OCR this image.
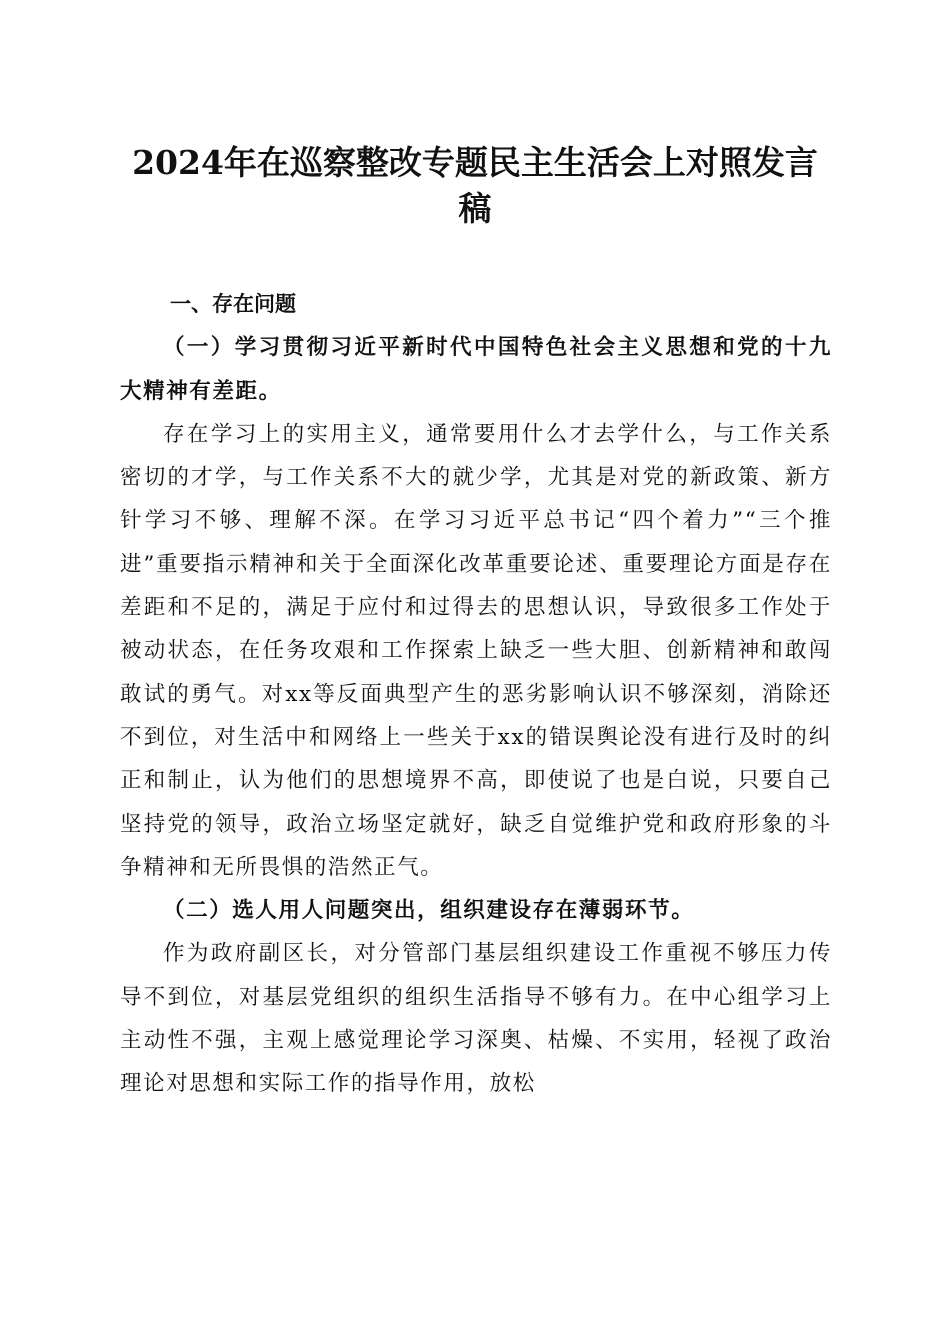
2024年在巡察整改专题民主生活会上对照发言稿

一、存在问题

（一）学习贯彻习近平新时代中国特色社会主义思想和党的十九大精神有差距。

存在学习上的实用主义，通常要用什么才去学什么，与工作关系密切的才学，与工作关系不大的就少学，尤其是对党的新政策、新方针学习不够、理解不深。在学习习近平总书记“四个着力”“三个推进”重要指示精神和关于全面深化改革重要论述、重要理论方面是存在差距和不足的，满足于应付和过得去的思想认识，导致很多工作处于被动状态，在任务攻艰和工作探索上缺乏一些大胆、创新精神和敢闯敢试的勇气。对xx等反面典型产生的恶劣影响认识不够深刻，消除还不到位，对生活中和网络上一些关于xx的错误舆论没有进行及时的纠正和制止，认为他们的思想境界不高，即使说了也是白说，只要自己坚持党的领导，政治立场坚定就好，缺乏自觉维护党和政府形象的斗争精神和无所畏惧的浩然正气。

（二）选人用人问题突出，组织建设存在薄弱环节。

作为政府副区长，对分管部门基层组织建设工作重视不够压力传导不到位，对基层党组织的组织生活指导不够有力。在中心组学习上主动性不强，主观上感觉理论学习深奥、枯燥、不实用，轻视了政治理论对思想和实际工作的指导作用，放松
